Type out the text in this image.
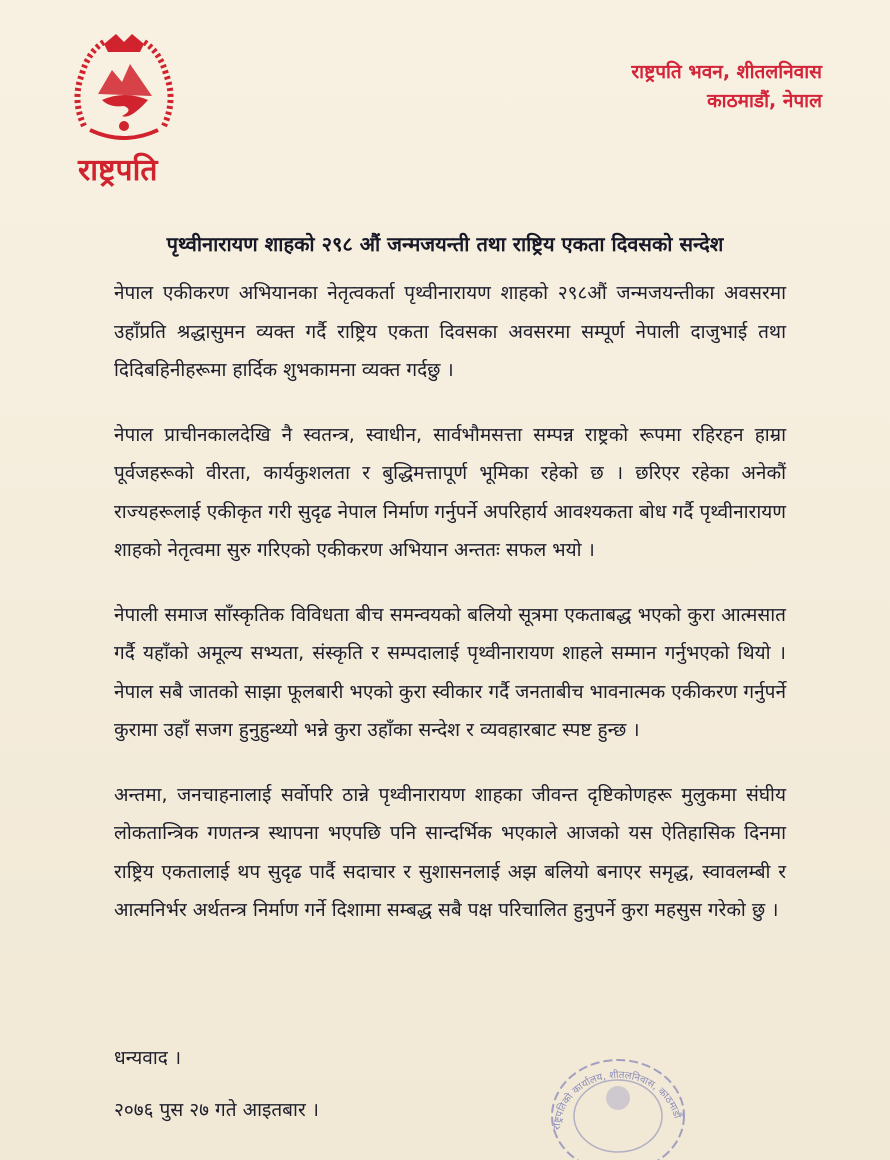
राष्ट्रपति
राष्ट्रपति भवन, शीतलनिवास
काठमाडौं, नेपाल
पृथ्वीनारायण शाहको २९८ औं जन्मजयन्ती तथा राष्ट्रिय एकता दिवसको सन्देश

नेपाल एकीकरण अभियानका नेतृत्वकर्ता पृथ्वीनारायण शाहको २९८औं जन्मजयन्तीका अवसरमा उहाँप्रति श्रद्धासुमन व्यक्त गर्दै राष्ट्रिय एकता दिवसका अवसरमा सम्पूर्ण नेपाली दाजुभाई तथा दिदिबहिनीहरूमा हार्दिक शुभकामना व्यक्त गर्दछु ।

नेपाल प्राचीनकालदेखि नै स्वतन्त्र, स्वाधीन, सार्वभौमसत्ता सम्पन्न राष्ट्रको रूपमा रहिरहन हाम्रा पूर्वजहरूको वीरता, कार्यकुशलता र बुद्धिमत्तापूर्ण भूमिका रहेको छ । छरिएर रहेका अनेकौं राज्यहरूलाई एकीकृत गरी सुदृढ नेपाल निर्माण गर्नुपर्ने अपरिहार्य आवश्यकता बोध गर्दै पृथ्वीनारायण शाहको नेतृत्वमा सुरु गरिएको एकीकरण अभियान अन्ततः सफल भयो ।

नेपाली समाज साँस्कृतिक विविधता बीच समन्वयको बलियो सूत्रमा एकताबद्ध भएको कुरा आत्मसात गर्दै यहाँको अमूल्य सभ्यता, संस्कृति र सम्पदालाई पृथ्वीनारायण शाहले सम्मान गर्नुभएको थियो । नेपाल सबै जातको साझा फूलबारी भएको कुरा स्वीकार गर्दै जनताबीच भावनात्मक एकीकरण गर्नुपर्ने कुरामा उहाँ सजग हुनुहुन्थ्यो भन्ने कुरा उहाँका सन्देश र व्यवहारबाट स्पष्ट हुन्छ ।

अन्तमा, जनचाहनालाई सर्वोपरि ठान्ने पृथ्वीनारायण शाहका जीवन्त दृष्टिकोणहरू मुलुकमा संघीय लोकतान्त्रिक गणतन्त्र स्थापना भएपछि पनि सान्दर्भिक भएकाले आजको यस ऐतिहासिक दिनमा राष्ट्रिय एकतालाई थप सुदृढ पार्दै सदाचार र सुशासनलाई अझ बलियो बनाएर समृद्ध, स्वावलम्बी र आत्मनिर्भर अर्थतन्त्र निर्माण गर्ने दिशामा सम्बद्ध सबै पक्ष परिचालित हुनुपर्ने कुरा महसुस गरेको छु ।

धन्यवाद ।
२०७६ पुस २७ गते आइतबार ।
राष्ट्रपतिको कार्यालय, शीतलनिवास, काठमाडौं
